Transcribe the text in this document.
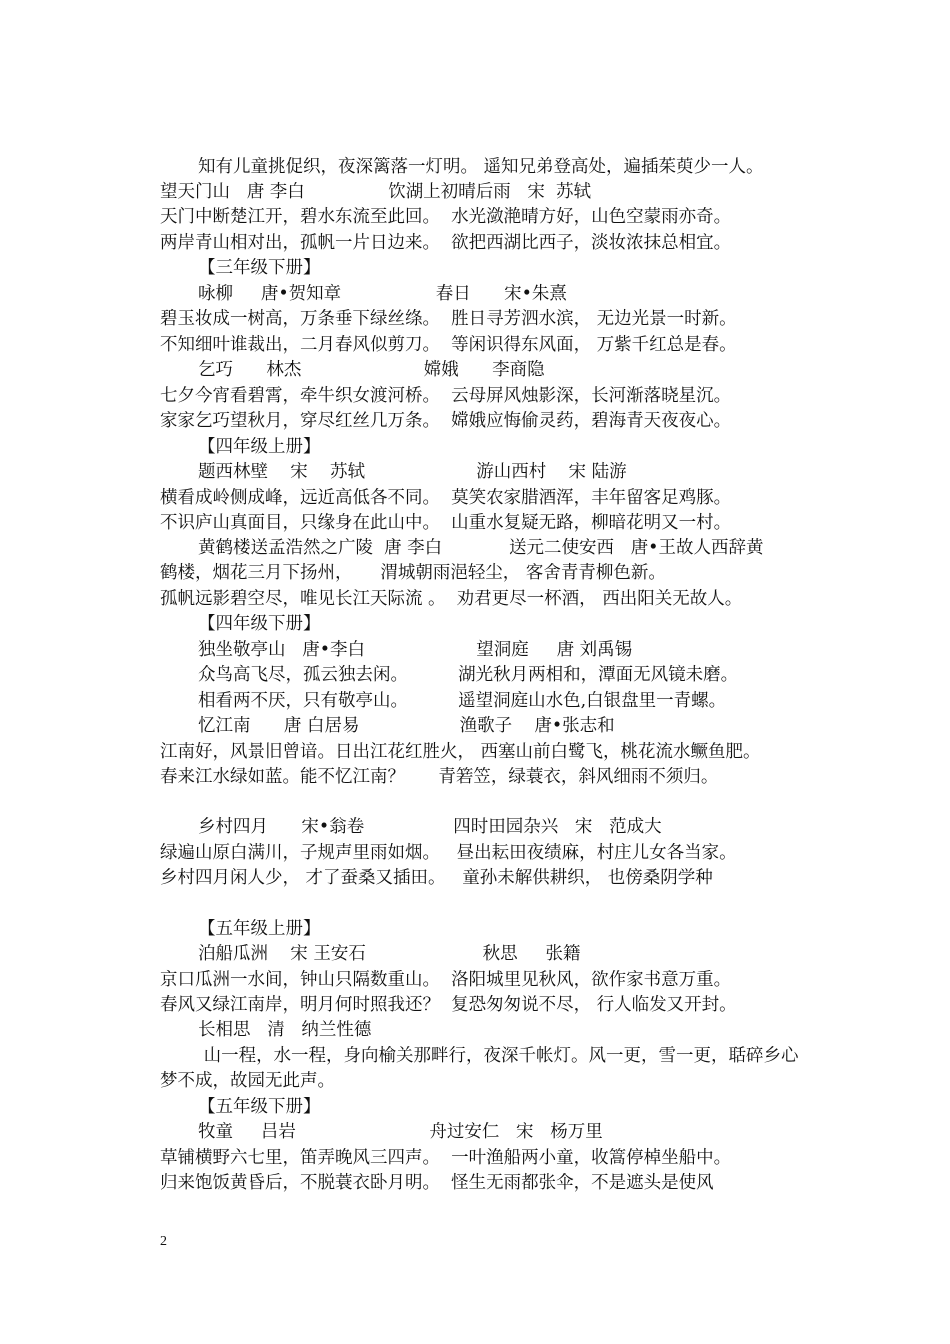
知有儿童挑促织，夜深篱落一灯明。 遥知兄弟登高处，遍插茱萸少一人。
望天门山   唐 李白               饮湖上初晴后雨   宋  苏轼
天门中断楚江开，碧水东流至此回。  水光潋滟晴方好，山色空蒙雨亦奇。
两岸青山相对出，孤帆一片日边来。  欲把西湖比西子，淡妆浓抹总相宜。
【三年级下册】
咏柳     唐•贺知章                 春日      宋•朱熹
碧玉妆成一树高，万条垂下绿丝绦。  胜日寻芳泗水滨， 无边光景一时新。
不知细叶谁裁出，二月春风似剪刀。  等闲识得东风面， 万紫千红总是春。
乞巧      林杰                      嫦娥      李商隐
七夕今宵看碧霄，牵牛织女渡河桥。  云母屏风烛影深，长河渐落晓星沉。
家家乞巧望秋月，穿尽红丝几万条。  嫦娥应悔偷灵药，碧海青天夜夜心。
【四年级上册】
题西林壁    宋    苏轼                    游山西村    宋 陆游
横看成岭侧成峰，远近高低各不同。  莫笑农家腊酒浑，丰年留客足鸡豚。
不识庐山真面目，只缘身在此山中。  山重水复疑无路，柳暗花明又一村。
黄鹤楼送孟浩然之广陵  唐 李白            送元二使安西   唐•王故人西辞黄
鹤楼，烟花三月下扬州，     渭城朝雨浥轻尘， 客舍青青柳色新。
孤帆远影碧空尽，唯见长江天际流 。  劝君更尽一杯酒， 西出阳关无故人。
【四年级下册】
独坐敬亭山   唐•李白                    望洞庭     唐 刘禹锡
众鸟高飞尽，孤云独去闲。         湖光秋月两相和，潭面无风镜未磨。
相看两不厌，只有敬亭山。         遥望洞庭山水色,白银盘里一青螺。
忆江南      唐 白居易                  渔歌子    唐•张志和
江南好，风景旧曾谙。日出江花红胜火， 西塞山前白鹭飞，桃花流水鳜鱼肥。
春来江水绿如蓝。能不忆江南？      青箬笠，绿蓑衣，斜风细雨不须归。
乡村四月      宋•翁卷                四时田园杂兴   宋   范成大
绿遍山原白满川，子规声里雨如烟。   昼出耘田夜绩麻，村庄儿女各当家。
乡村四月闲人少， 才了蚕桑又插田。   童孙未解供耕织， 也傍桑阴学种
【五年级上册】
泊船瓜洲    宋 王安石                     秋思     张籍
京口瓜洲一水间，钟山只隔数重山。  洛阳城里见秋风，欲作家书意万重。
春风又绿江南岸，明月何时照我还？  复恐匆匆说不尽， 行人临发又开封。
长相思   清   纳兰性德
山一程，水一程，身向榆关那畔行，夜深千帐灯。风一更，雪一更，聒碎乡心
梦不成，故园无此声。
【五年级下册】
牧童     吕岩                        舟过安仁   宋   杨万里
草铺横野六七里，笛弄晚风三四声。  一叶渔船两小童，收篙停棹坐船中。
归来饱饭黄昏后，不脱蓑衣卧月明。  怪生无雨都张伞，不是遮头是使风
2
